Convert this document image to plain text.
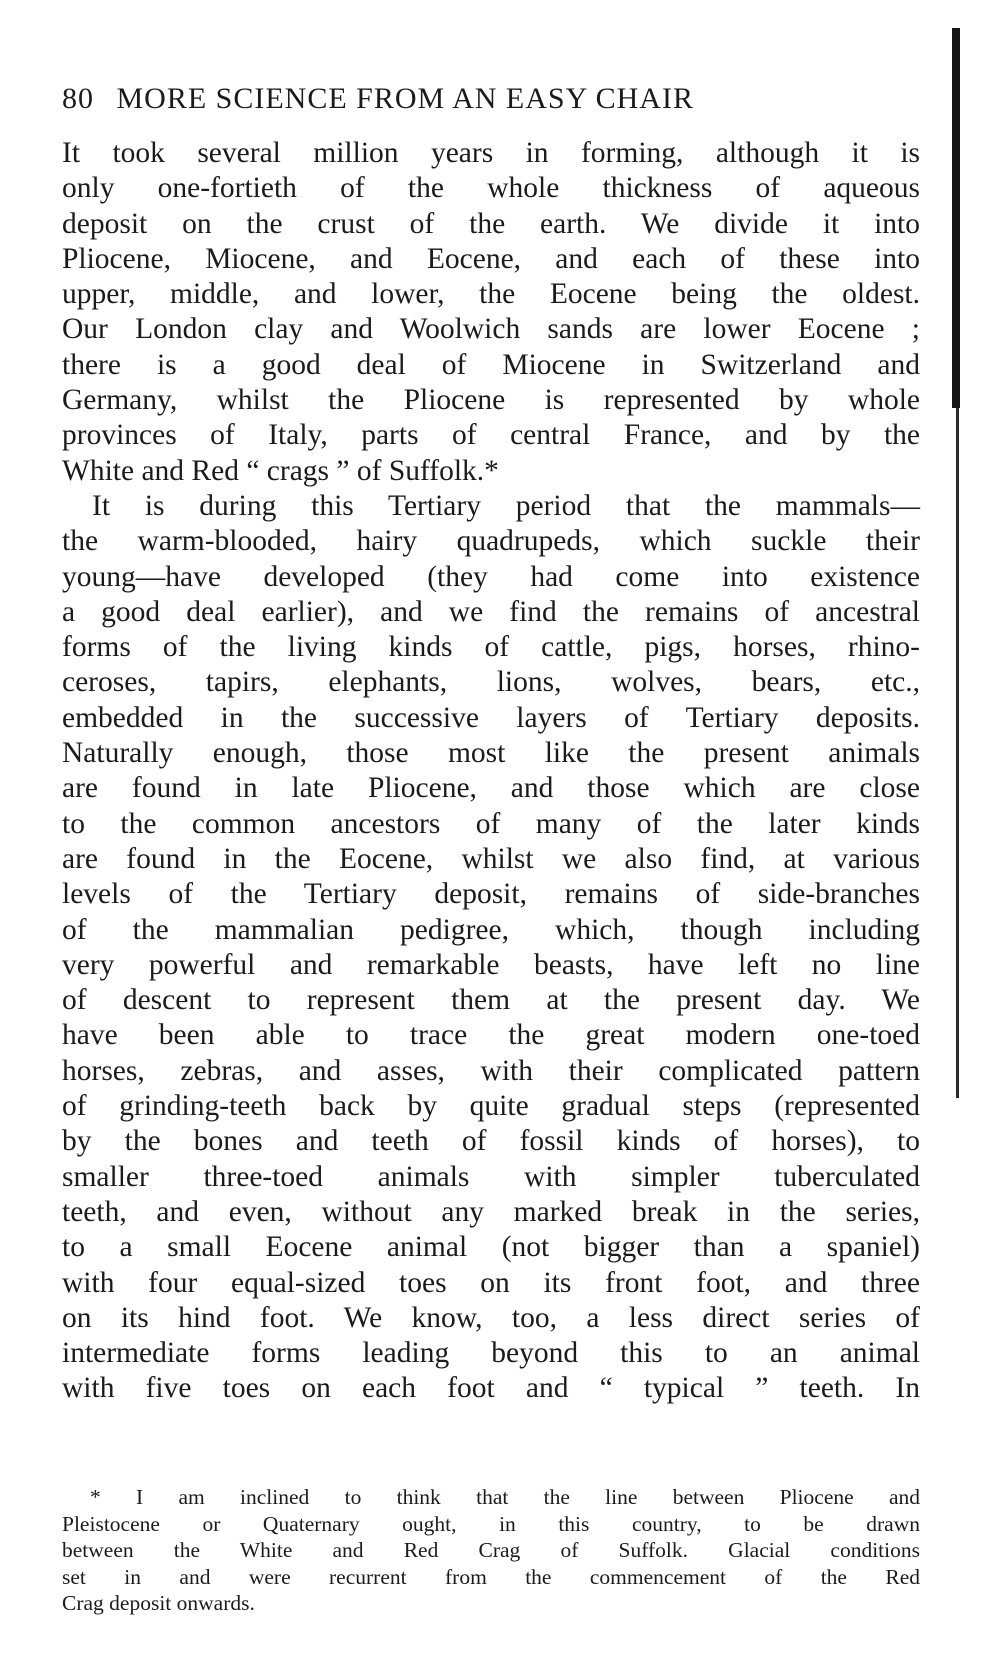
80 MORE SCIENCE FROM AN EASY CHAIR
It took several million years in forming, although it is
only one-fortieth of the whole thickness of aqueous
deposit on the crust of the earth. We divide it into
Pliocene, Miocene, and Eocene, and each of these into
upper, middle, and lower, the Eocene being the oldest.
Our London clay and Woolwich sands are lower Eocene ;
there is a good deal of Miocene in Switzerland and
Germany, whilst the Pliocene is represented by whole
provinces of Italy, parts of central France, and by the
White and Red “ crags ” of Suffolk.*
It is during this Tertiary period that the mammals—
the warm-blooded, hairy quadrupeds, which suckle their
young—have developed (they had come into existence
a good deal earlier), and we find the remains of ancestral
forms of the living kinds of cattle, pigs, horses, rhino-
ceroses, tapirs, elephants, lions, wolves, bears, etc.,
embedded in the successive layers of Tertiary deposits.
Naturally enough, those most like the present animals
are found in late Pliocene, and those which are close
to the common ancestors of many of the later kinds
are found in the Eocene, whilst we also find, at various
levels of the Tertiary deposit, remains of side-branches
of the mammalian pedigree, which, though including
very powerful and remarkable beasts, have left no line
of descent to represent them at the present day. We
have been able to trace the great modern one-toed
horses, zebras, and asses, with their complicated pattern
of grinding-teeth back by quite gradual steps (represented
by the bones and teeth of fossil kinds of horses), to
smaller three-toed animals with simpler tuberculated
teeth, and even, without any marked break in the series,
to a small Eocene animal (not bigger than a spaniel)
with four equal-sized toes on its front foot, and three
on its hind foot. We know, too, a less direct series of
intermediate forms leading beyond this to an animal
with five toes on each foot and “ typical ” teeth. In
* I am inclined to think that the line between Pliocene and
Pleistocene or Quaternary ought, in this country, to be drawn
between the White and Red Crag of Suffolk. Glacial conditions
set in and were recurrent from the commencement of the Red
Crag deposit onwards.
